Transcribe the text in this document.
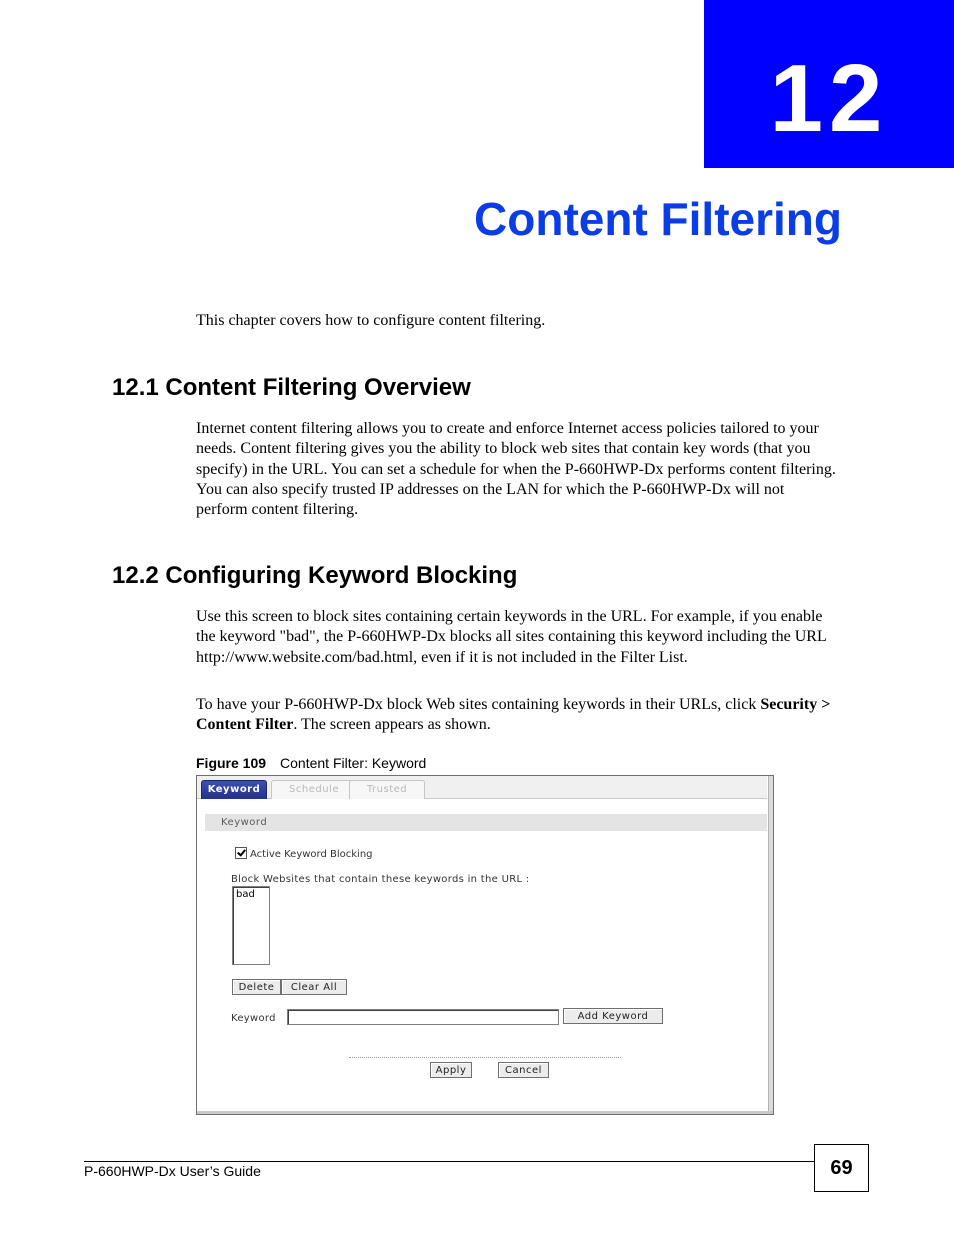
12
Content Filtering
This chapter covers how to configure content filtering.
12.1 Content Filtering Overview
Internet content filtering allows you to create and enforce Internet access policies tailored to your needs. Content filtering gives you the ability to block web sites that contain key words (that you specify) in the URL. You can set a schedule for when the P-660HWP-Dx performs content filtering. You can also specify trusted IP addresses on the LAN for which the P-660HWP-Dx will not perform content filtering.
12.2 Configuring Keyword Blocking
Use this screen to block sites containing certain keywords in the URL. For example, if you enable the keyword "bad", the P-660HWP-Dx blocks all sites containing this keyword including the URL http://www.website.com/bad.html, even if it is not included in the Filter List.
To have your P-660HWP-Dx block Web sites containing keywords in their URLs, click Security > Content Filter. The screen appears as shown.
Figure 109 Content Filter: Keyword
Keyword	Schedule	Trusted
Keyword
Active Keyword Blocking
Block Websites that contain these keywords in the URL :
bad
Delete	Clear All
Keyword	Add Keyword
Apply	Cancel
P-660HWP-Dx User’s Guide	69
